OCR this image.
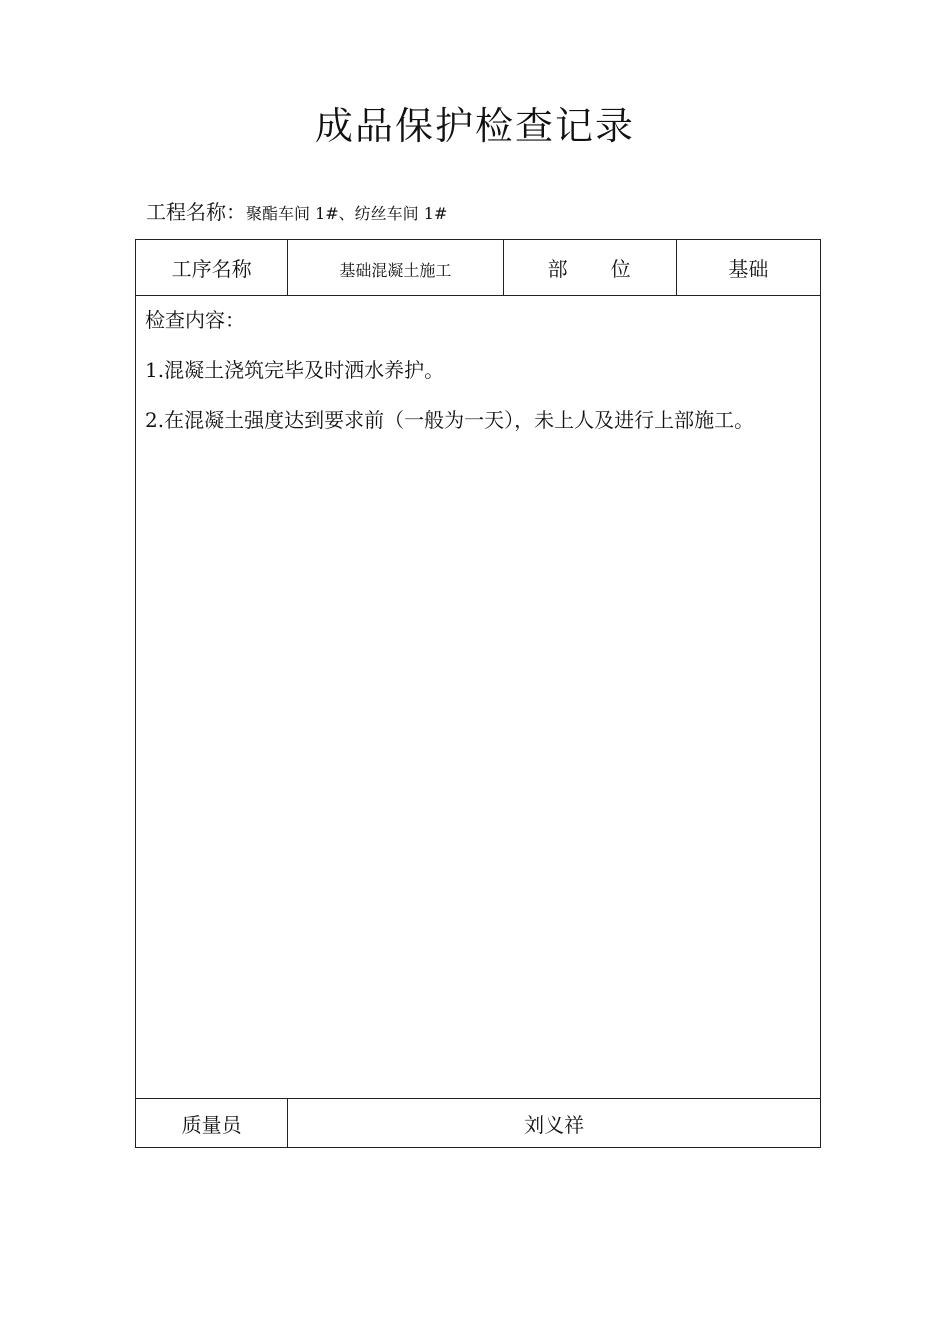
成品保护检查记录
工程名称：聚酯车间 1#、纺丝车间 1#
工序名称	基础混凝土施工	部　　位	基础

检查内容：
1.混凝土浇筑完毕及时洒水养护。
2.在混凝土强度达到要求前（一般为一天），未上人及进行上部施工。			

质量员	刘义祥		
